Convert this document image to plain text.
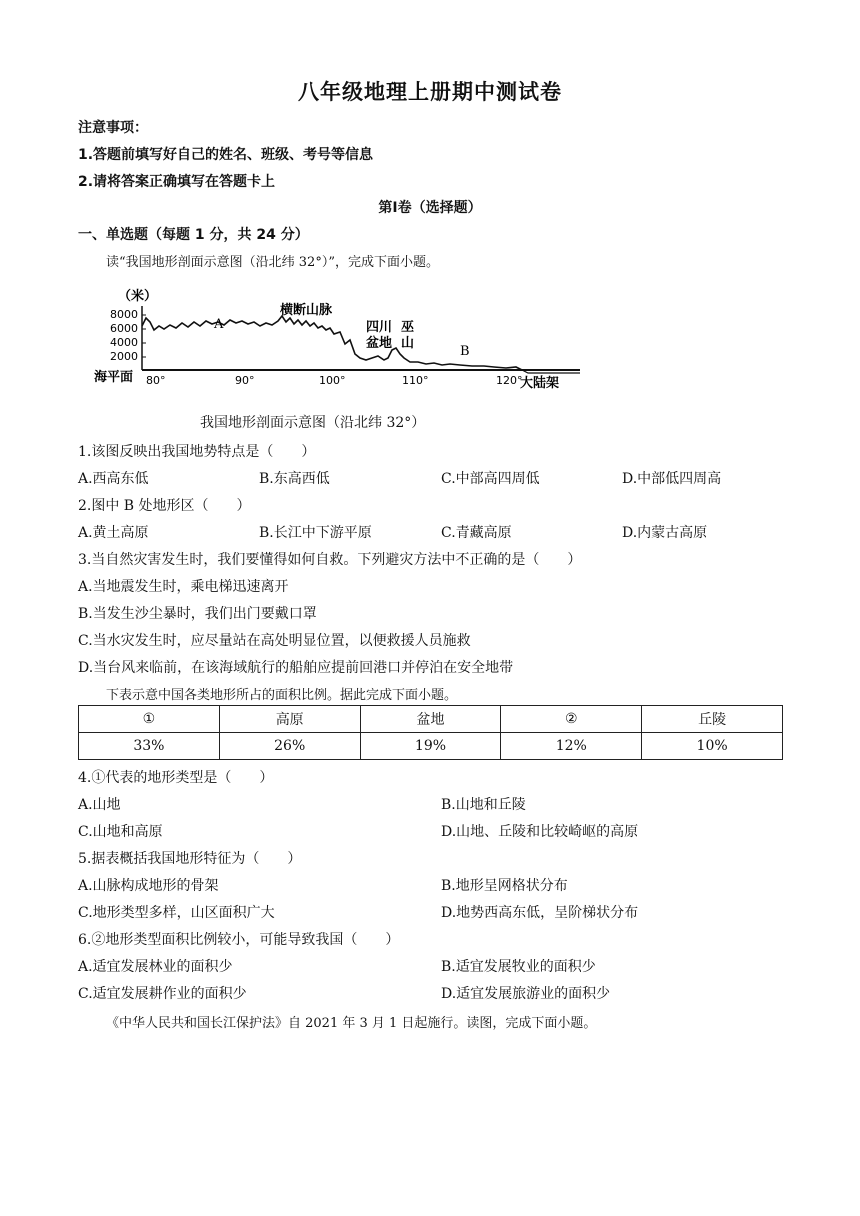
八年级地理上册期中测试卷
注意事项：
1.答题前填写好自己的姓名、班级、考号等信息
2.请将答案正确填写在答题卡上
第Ⅰ卷（选择题）
一、单选题（每题 1 分，共 24 分）
读“我国地形剖面示意图（沿北纬 32°）”，完成下面小题。
（米）
8000
6000
4000
2000
80°	90°	100°	110°	120°
海平面	大陆架
A
横断山脉
四川
盆地
巫
山
B
我国地形剖面示意图（沿北纬 32°）
1.该图反映出我国地势特点是（　　）
A.西高东低	B.东高西低	C.中部高四周低	D.中部低四周高
2.图中 B 处地形区（　　）
A.黄土高原	B.长江中下游平原	C.青藏高原	D.内蒙古高原
3.当自然灾害发生时，我们要懂得如何自救。下列避灾方法中不正确的是（　　）
A.当地震发生时，乘电梯迅速离开
B.当发生沙尘暴时，我们出门要戴口罩
C.当水灾发生时，应尽量站在高处明显位置，以便救援人员施救
D.当台风来临前，在该海域航行的船舶应提前回港口并停泊在安全地带
下表示意中国各类地形所占的面积比例。据此完成下面小题。
①	高原	盆地	②	丘陵
33%	26%	19%	12%	10%
4.①代表的地形类型是（　　）
A.山地	B.山地和丘陵
C.山地和高原	D.山地、丘陵和比较崎岖的高原
5.据表概括我国地形特征为（　　）
A.山脉构成地形的骨架	B.地形呈网格状分布
C.地形类型多样，山区面积广大	D.地势西高东低，呈阶梯状分布
6.②地形类型面积比例较小，可能导致我国（　　）
A.适宜发展林业的面积少	B.适宜发展牧业的面积少
C.适宜发展耕作业的面积少	D.适宜发展旅游业的面积少
《中华人民共和国长江保护法》自 2021 年 3 月 1 日起施行。读图，完成下面小题。
